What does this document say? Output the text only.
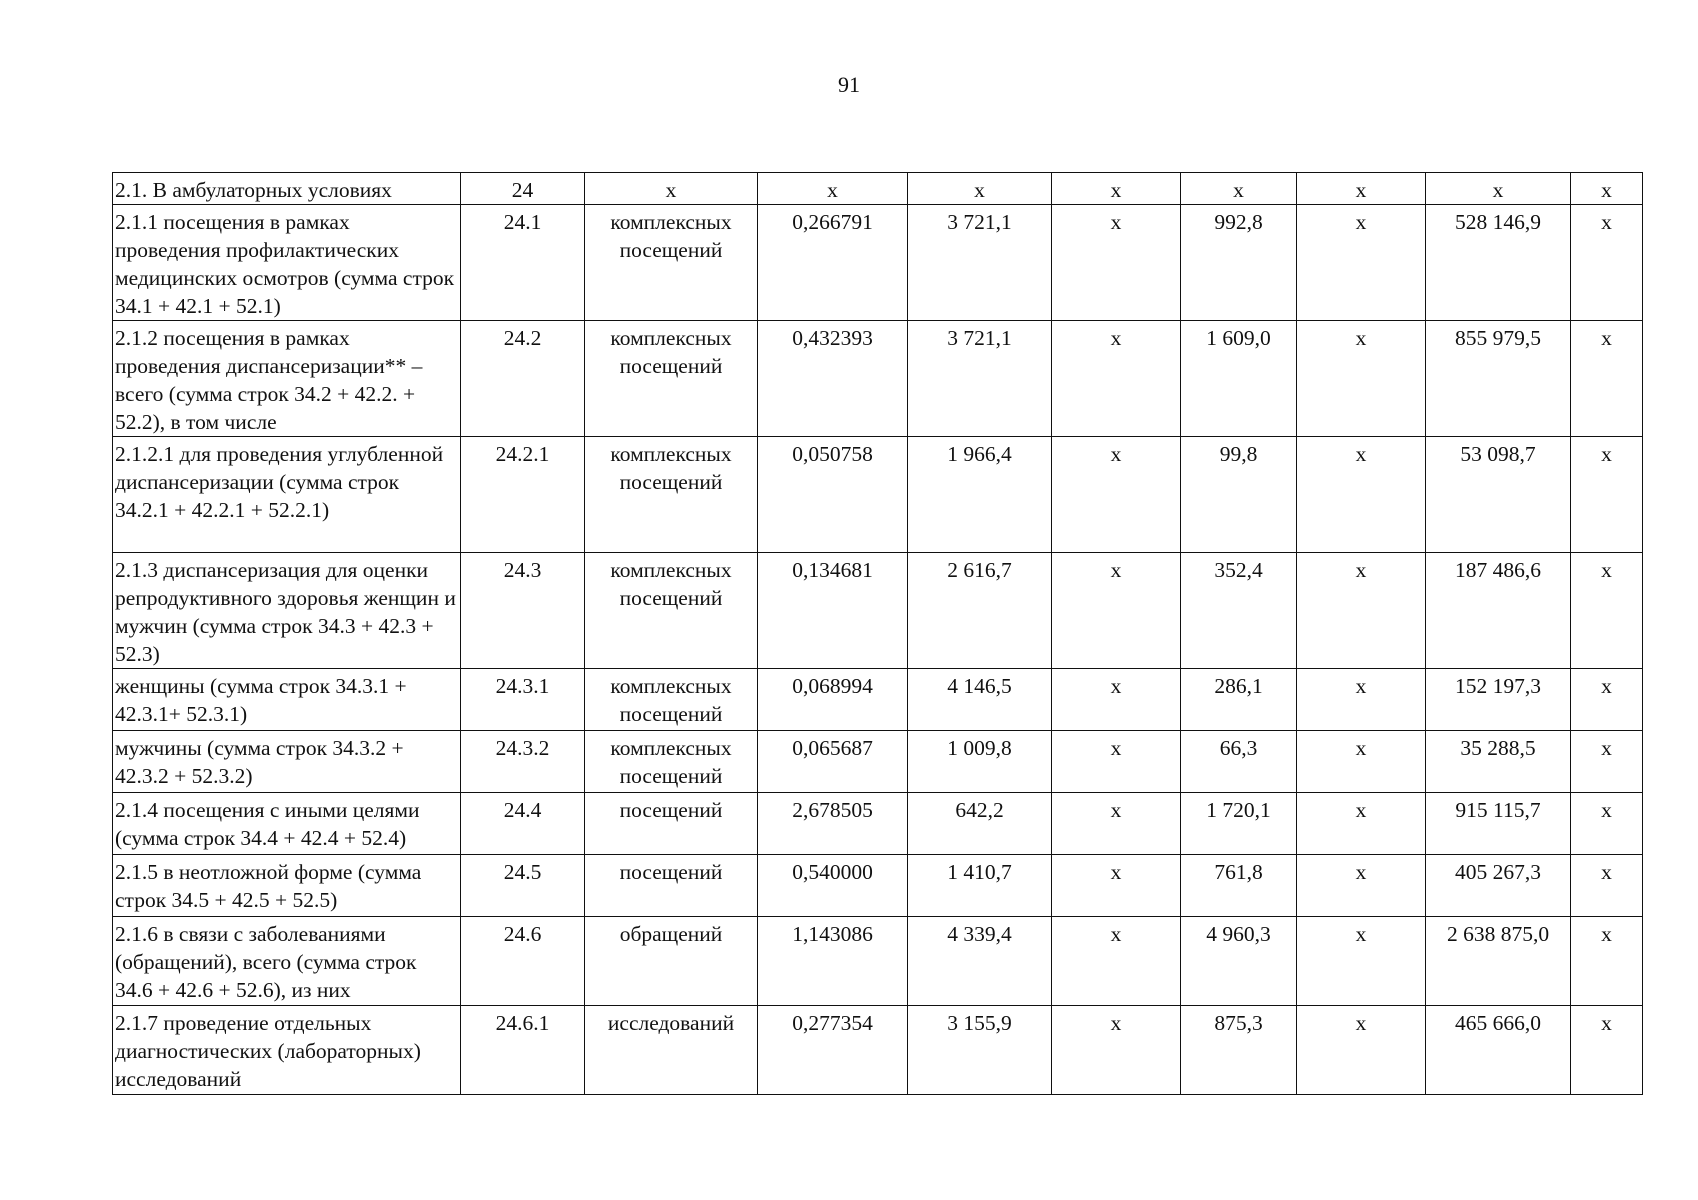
91
2.1. В амбулаторных условиях	24	х	х	х	х	х	х	х	х
2.1.1 посещения в рамках проведения профилактических медицинских осмотров (сумма строк 34.1 + 42.1 + 52.1)	24.1	комплексных посещений	0,266791	3 721,1	х	992,8	х	528 146,9	х
2.1.2 посещения в рамках проведения диспансеризации** – всего (сумма строк 34.2 + 42.2. + 52.2), в том числе	24.2	комплексных посещений	0,432393	3 721,1	х	1 609,0	х	855 979,5	х
2.1.2.1 для проведения углубленной диспансеризации (сумма строк 34.2.1 + 42.2.1 + 52.2.1)	24.2.1	комплексных посещений	0,050758	1 966,4	х	99,8	х	53 098,7	х
2.1.3 диспансеризация для оценки репродуктивного здоровья женщин и мужчин (сумма строк 34.3 + 42.3 + 52.3)	24.3	комплексных посещений	0,134681	2 616,7	х	352,4	х	187 486,6	х
женщины (сумма строк 34.3.1 + 42.3.1+ 52.3.1)	24.3.1	комплексных посещений	0,068994	4 146,5	х	286,1	х	152 197,3	х
мужчины (сумма строк 34.3.2 + 42.3.2 + 52.3.2)	24.3.2	комплексных посещений	0,065687	1 009,8	х	66,3	х	35 288,5	х
2.1.4 посещения с иными целями (сумма строк 34.4 + 42.4 + 52.4)	24.4	посещений	2,678505	642,2	х	1 720,1	х	915 115,7	х
2.1.5 в неотложной форме (сумма строк 34.5 + 42.5 + 52.5)	24.5	посещений	0,540000	1 410,7	х	761,8	х	405 267,3	х
2.1.6 в связи с заболеваниями (обращений), всего (сумма строк 34.6 + 42.6 + 52.6), из них	24.6	обращений	1,143086	4 339,4	х	4 960,3	х	2 638 875,0	х
2.1.7 проведение отдельных диагностических (лабораторных) исследований	24.6.1	исследований	0,277354	3 155,9	х	875,3	х	465 666,0	х
